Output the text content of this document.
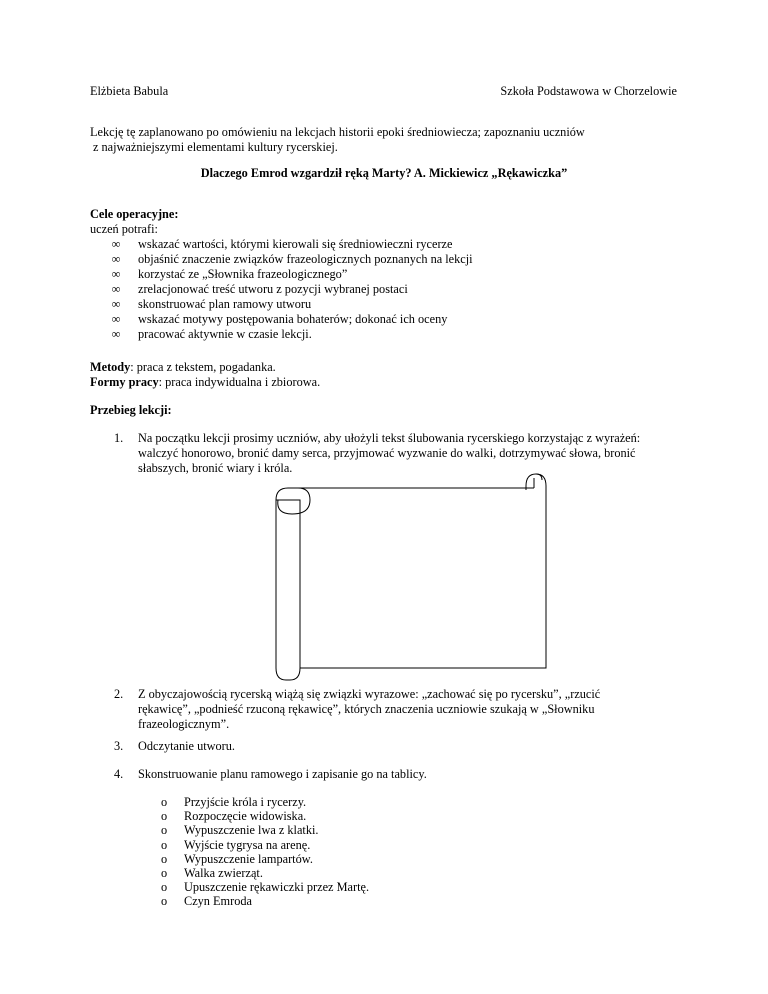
Elżbieta Babula	Szkoła Podstawowa w Chorzelowie
Lekcję tę zaplanowano po omówieniu na lekcjach historii epoki średniowiecza; zapoznaniu uczniów
z najważniejszymi elementami kultury rycerskiej.
Dlaczego Emrod wzgardził ręką Marty? A. Mickiewicz „Rękawiczka”
Cele operacyjne:
uczeń potrafi:
∞ wskazać wartości, którymi kierowali się średniowieczni rycerze
∞ objaśnić znaczenie związków frazeologicznych poznanych na lekcji
∞ korzystać ze „Słownika frazeologicznego”
∞ zrelacjonować treść utworu z pozycji wybranej postaci
∞ skonstruować plan ramowy utworu
∞ wskazać motywy postępowania bohaterów; dokonać ich oceny
∞ pracować aktywnie w czasie lekcji.
Metody: praca z tekstem, pogadanka.
Formy pracy: praca indywidualna i zbiorowa.
Przebieg lekcji:
1. Na początku lekcji prosimy uczniów, aby ułożyli tekst ślubowania rycerskiego korzystając z wyrażeń:
walczyć honorowo, bronić damy serca, przyjmować wyzwanie do walki, dotrzymywać słowa, bronić
słabszych, bronić wiary i króla.
2. Z obyczajowością rycerską wiążą się związki wyrazowe: „zachować się po rycersku”, „rzucić
rękawicę”, „podnieść rzuconą rękawicę”, których znaczenia uczniowie szukają w „Słowniku
frazeologicznym”.
3. Odczytanie utworu.
4. Skonstruowanie planu ramowego i zapisanie go na tablicy.
o Przyjście króla i rycerzy.
o Rozpoczęcie widowiska.
o Wypuszczenie lwa z klatki.
o Wyjście tygrysa na arenę.
o Wypuszczenie lampartów.
o Walka zwierząt.
o Upuszczenie rękawiczki przez Martę.
o Czyn Emroda
